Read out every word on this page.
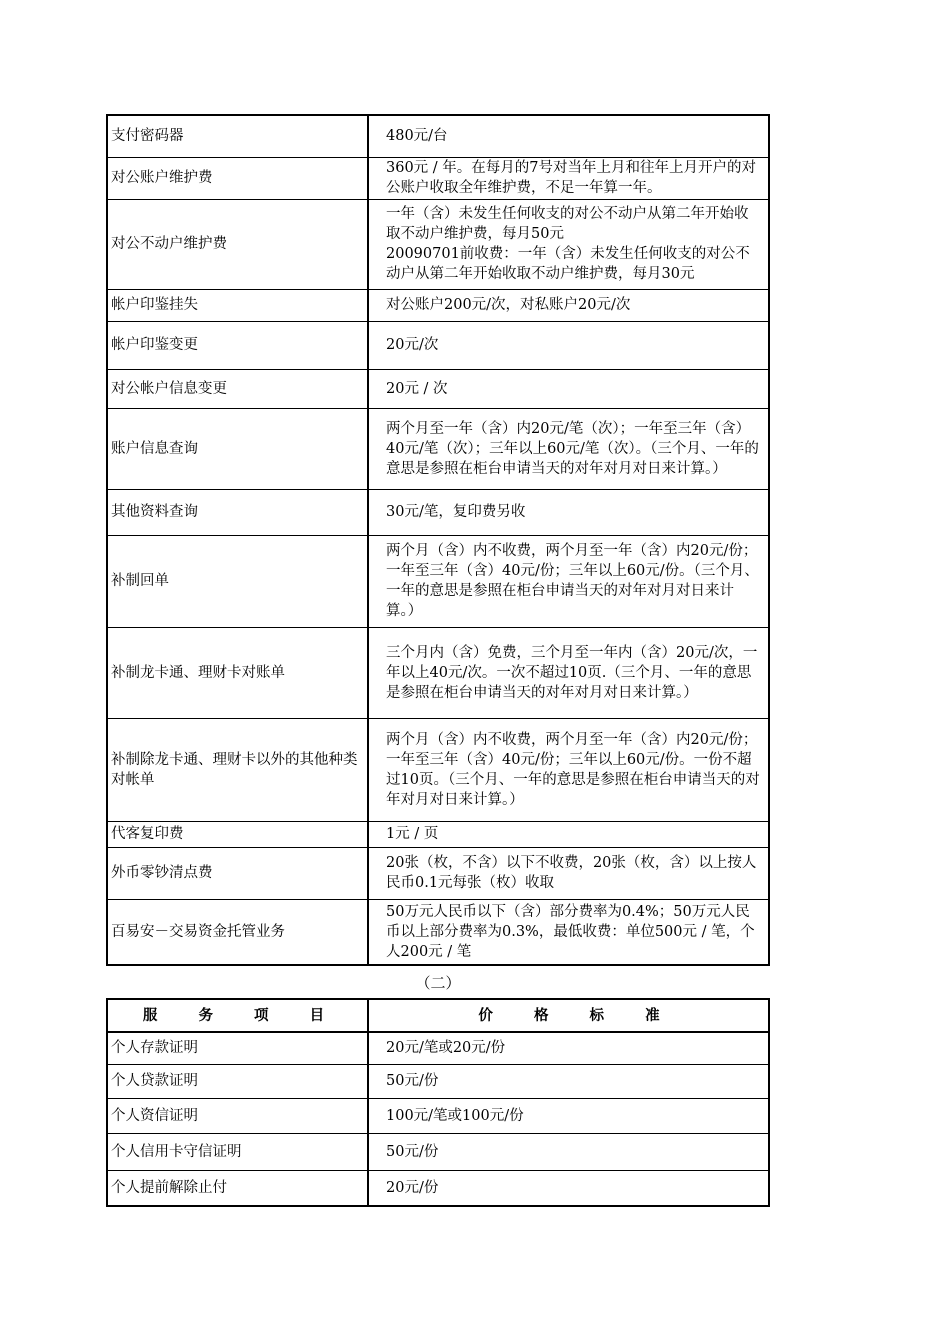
支付密码器	480元/台
对公账户维护费	360元 / 年。在每月的7号对当年上月和往年上月开户的对公账户收取全年维护费，不足一年算一年。
对公不动户维护费	一年（含）未发生任何收支的对公不动户从第二年开始收取不动户维护费，每月50元
20090701前收费：一年（含）未发生任何收支的对公不动户从第二年开始收取不动户维护费，每月30元
帐户印鉴挂失	对公账户200元/次，对私账户20元/次
帐户印鉴变更	20元/次
对公帐户信息变更	20元 / 次
账户信息查询	两个月至一年（含）内20元/笔（次）；一年至三年（含）40元/笔（次）；三年以上60元/笔（次）。（三个月、一年的意思是参照在柜台申请当天的对年对月对日来计算。）
其他资料查询	30元/笔，复印费另收
补制回单	两个月（含）内不收费，两个月至一年（含）内20元/份；一年至三年（含）40元/份；三年以上60元/份。（三个月、一年的意思是参照在柜台申请当天的对年对月对日来计算。）
补制龙卡通、理财卡对账单	三个月内（含）免费，三个月至一年内（含）20元/次，一年以上40元/次。一次不超过10页.（三个月、一年的意思是参照在柜台申请当天的对年对月对日来计算。）
补制除龙卡通、理财卡以外的其他种类对帐单	两个月（含）内不收费，两个月至一年（含）内20元/份；一年至三年（含）40元/份；三年以上60元/份。一份不超过10页。（三个月、一年的意思是参照在柜台申请当天的对年对月对日来计算。）
代客复印费	1元 / 页
外币零钞清点费	20张（枚，不含）以下不收费，20张（枚，含）以上按人民币0.1元每张（枚）收取
百易安－交易资金托管业务	50万元人民币以下（含）部分费率为0.4%；50万元人民币以上部分费率为0.3%，最低收费：单位500元 / 笔，个人200元 / 笔
（二）
服 务 项 目	价 格 标 准
个人存款证明	20元/笔或20元/份
个人贷款证明	50元/份
个人资信证明	100元/笔或100元/份
个人信用卡守信证明	50元/份
个人提前解除止付	20元/份
